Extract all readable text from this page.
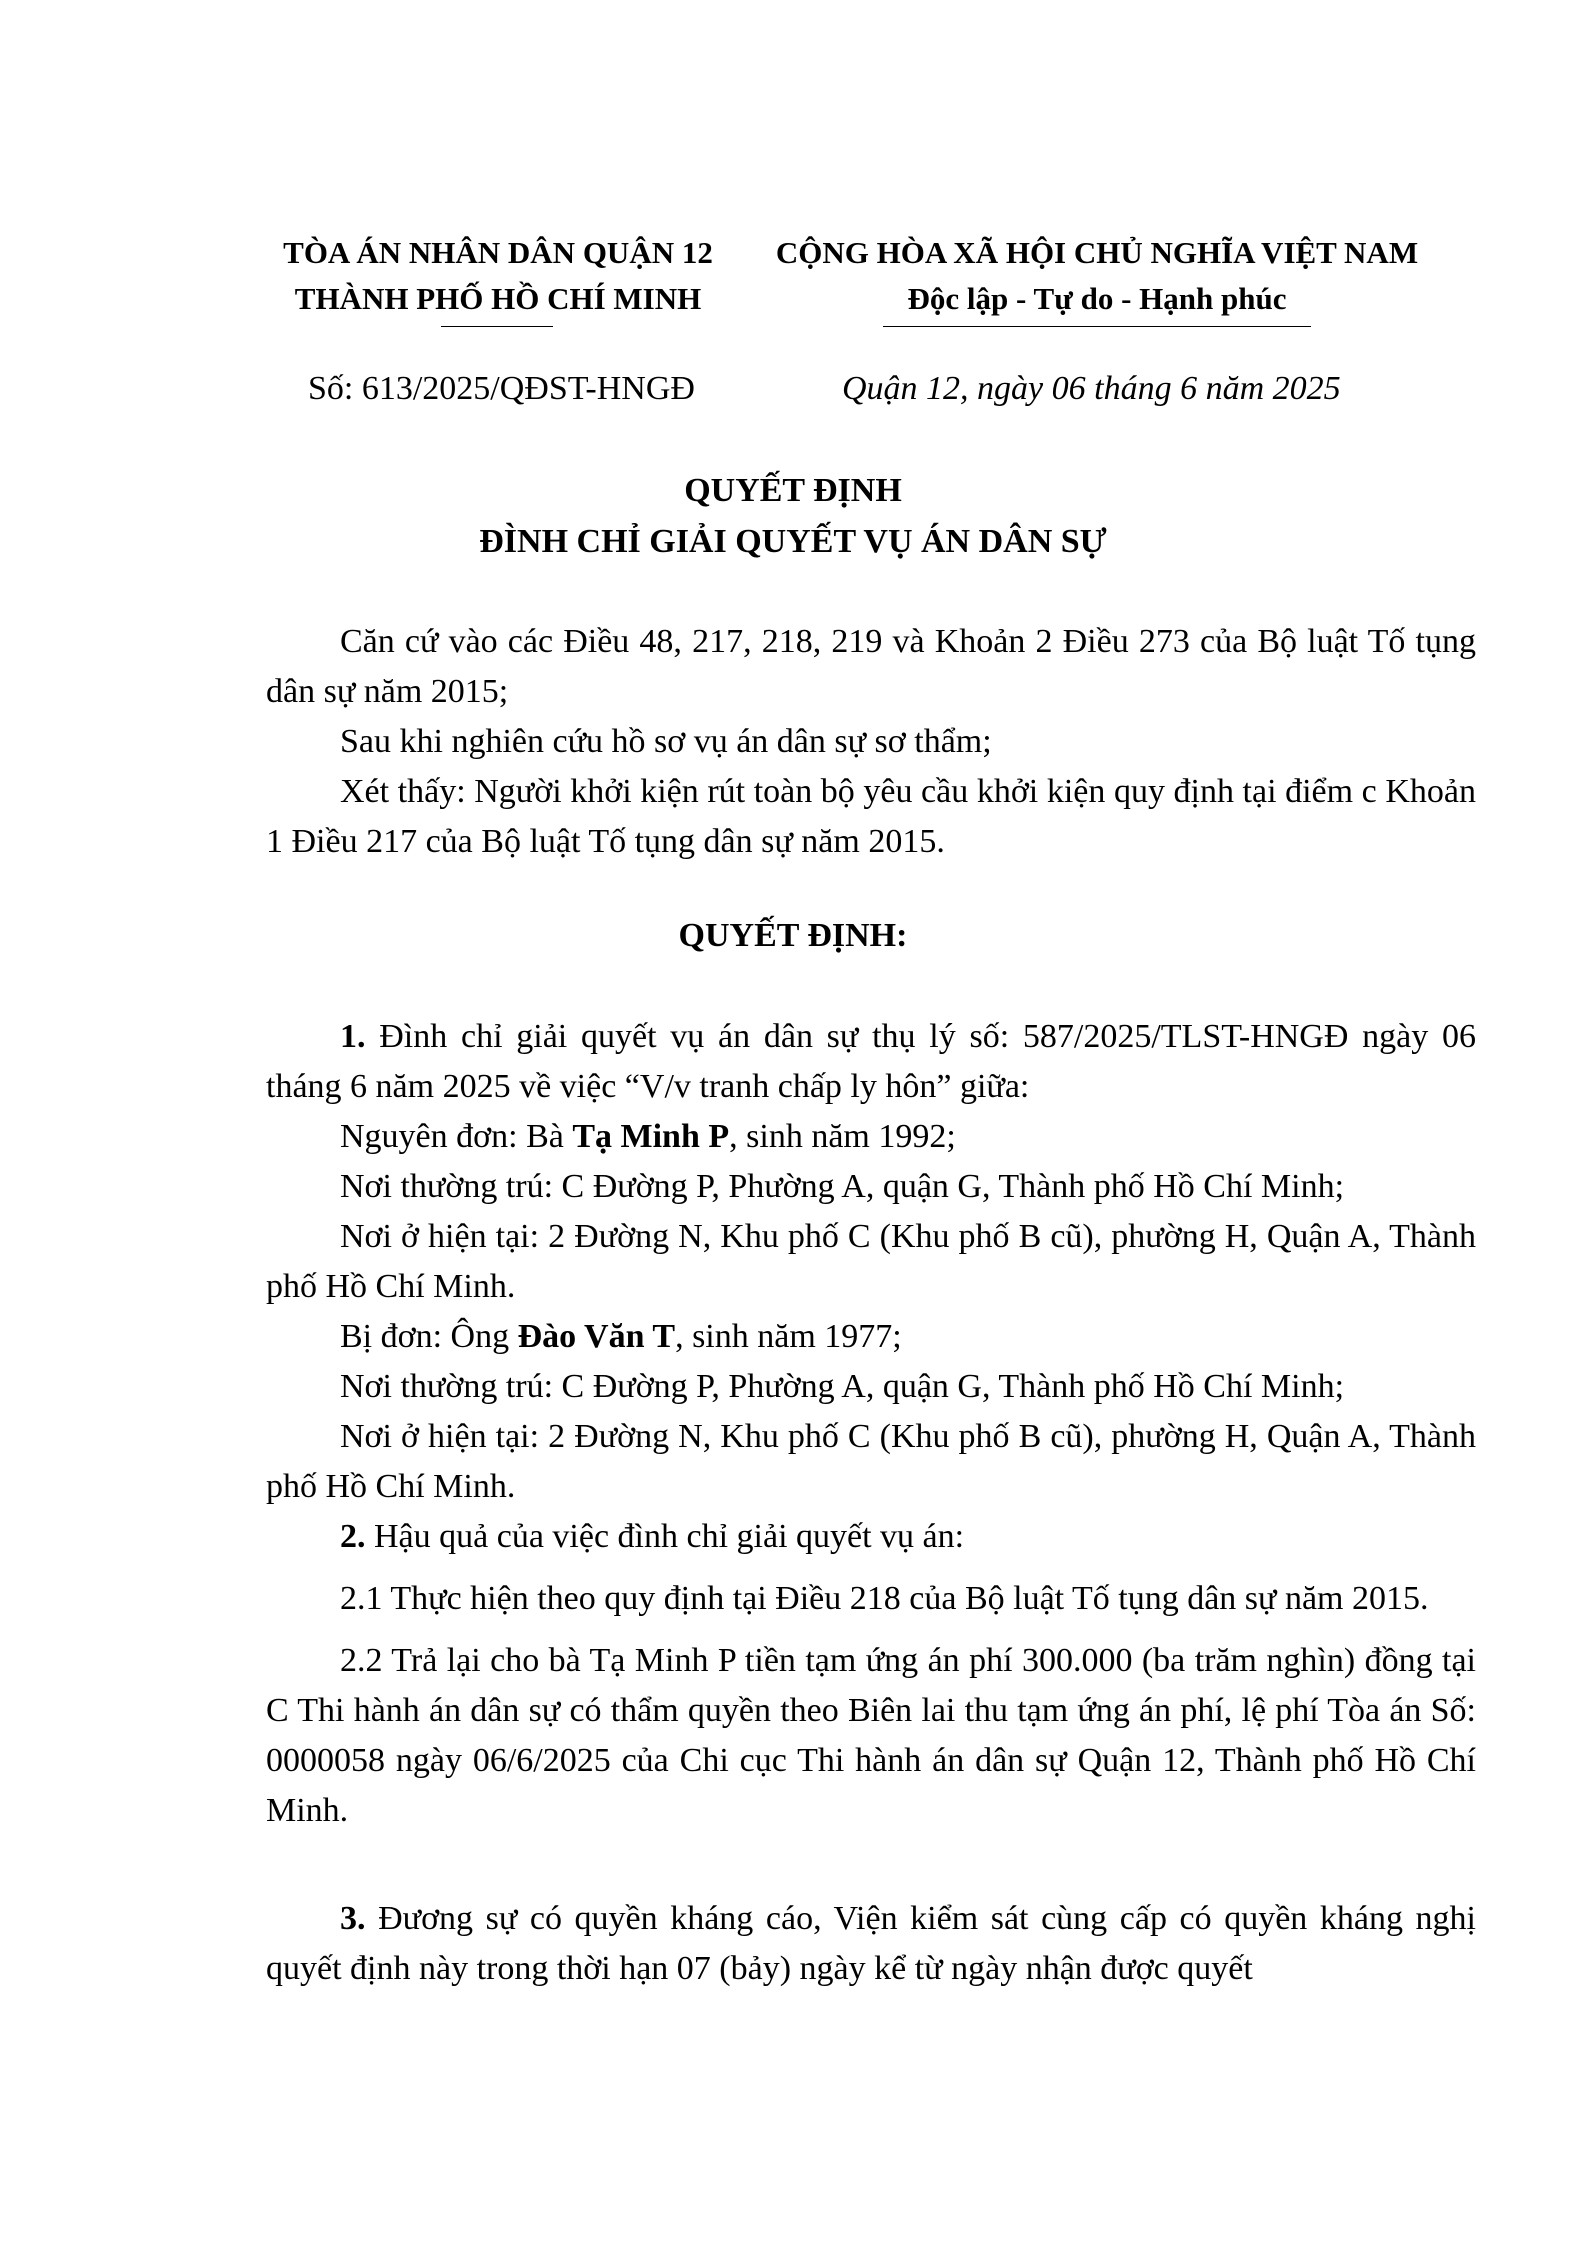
TÒA ÁN NHÂN DÂN QUẬN 12
THÀNH PHỐ HỒ CHÍ MINH
CỘNG HÒA XÃ HỘI CHỦ NGHĨA VIỆT NAM
Độc lập - Tự do - Hạnh phúc
Số: 613/2025/QĐST-HNGĐ	Quận 12, ngày 06 tháng 6 năm 2025
QUYẾT ĐỊNH
ĐÌNH CHỈ GIẢI QUYẾT VỤ ÁN DÂN SỰ

Căn cứ vào các Điều 48, 217, 218, 219 và Khoản 2 Điều 273 của Bộ luật Tố tụng dân sự năm 2015;

Sau khi nghiên cứu hồ sơ vụ án dân sự sơ thẩm;

Xét thấy: Người khởi kiện rút toàn bộ yêu cầu khởi kiện quy định tại điểm c Khoản 1 Điều 217 của Bộ luật Tố tụng dân sự năm 2015.

QUYẾT ĐỊNH:

1. Đình chỉ giải quyết vụ án dân sự thụ lý số: 587/2025/TLST-HNGĐ ngày 06 tháng 6 năm 2025 về việc “V/v tranh chấp ly hôn” giữa:

Nguyên đơn: Bà Tạ Minh P, sinh năm 1992;

Nơi thường trú: C Đường P, Phường A, quận G, Thành phố Hồ Chí Minh;

Nơi ở hiện tại: 2 Đường N, Khu phố C (Khu phố B cũ), phường H, Quận A, Thành phố Hồ Chí Minh.

Bị đơn: Ông Đào Văn T, sinh năm 1977;

Nơi thường trú: C Đường P, Phường A, quận G, Thành phố Hồ Chí Minh;

Nơi ở hiện tại: 2 Đường N, Khu phố C (Khu phố B cũ), phường H, Quận A, Thành phố Hồ Chí Minh.

2. Hậu quả của việc đình chỉ giải quyết vụ án:

2.1 Thực hiện theo quy định tại Điều 218 của Bộ luật Tố tụng dân sự năm 2015.

2.2 Trả lại cho bà Tạ Minh P tiền tạm ứng án phí 300.000 (ba trăm nghìn) đồng tại C Thi hành án dân sự có thẩm quyền theo Biên lai thu tạm ứng án phí, lệ phí Tòa án Số: 0000058 ngày 06/6/2025 của Chi cục Thi hành án dân sự Quận 12, Thành phố Hồ Chí Minh.

3. Đương sự có quyền kháng cáo, Viện kiểm sát cùng cấp có quyền kháng nghị quyết định này trong thời hạn 07 (bảy) ngày kể từ ngày nhận được quyết
